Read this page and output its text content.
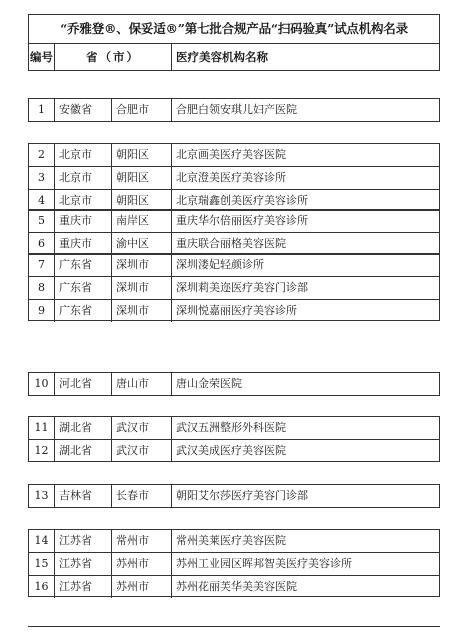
“乔雅登®、保妥适®”第七批合规产品“扫码验真”试点机构名录
编号	省（市）	医疗美容机构名称
1	安徽省	合肥市	合肥白领安琪儿妇产医院
2	北京市	朝阳区	北京画美医疗美容医院
3	北京市	朝阳区	北京澄美医疗美容诊所
4	北京市	朝阳区	北京瑞鑫创美医疗美容诊所
5	重庆市	南岸区	重庆华尔倍丽医疗美容诊所
6	重庆市	渝中区	重庆联合丽格美容医院
7	广东省	深圳市	深圳溇妃轻颜诊所
8	广东省	深圳市	深圳莉美迩医疗美容门诊部
9	广东省	深圳市	深圳悦嘉丽医疗美容诊所
10 河北省	唐山市	唐山金荣医院
11 湖北省	武汉市	武汉五洲整形外科医院
12 湖北省	武汉市	武汉美成医疗美容医院
13 吉林省	长春市	朝阳艾尔莎医疗美容门诊部
14 江苏省	常州市	常州美莱医疗美容医院
15 江苏省	苏州市	苏州工业园区晖邦智美医疗美容诊所
16 江苏省	苏州市	苏州花丽芙华美美容医院
